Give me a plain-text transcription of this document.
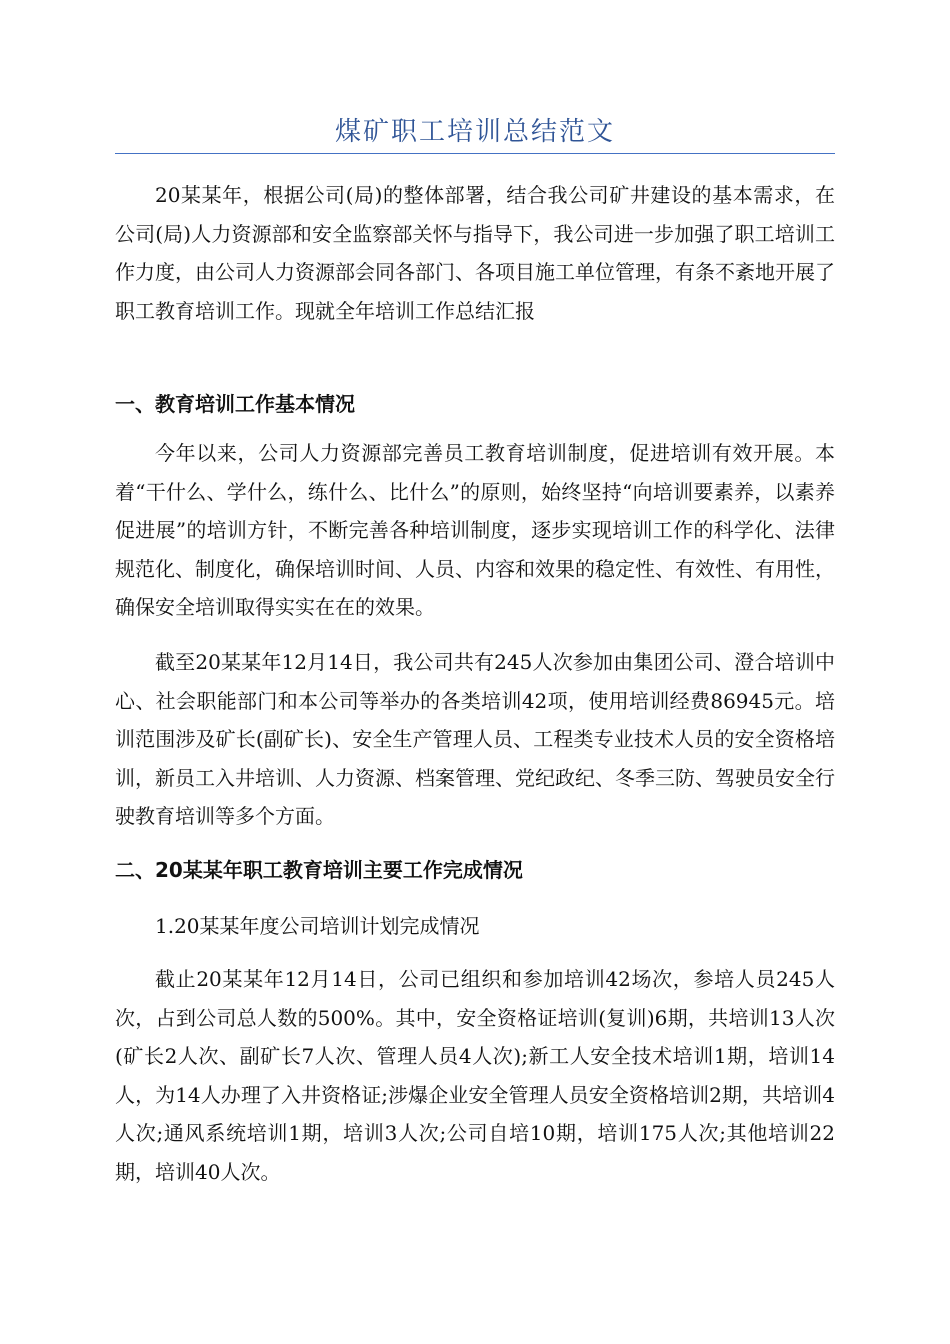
煤矿职工培训总结范文

20某某年，根据公司(局)的整体部署，结合我公司矿井建设的基本需求，在公司(局)人力资源部和安全监察部关怀与指导下，我公司进一步加强了职工培训工作力度，由公司人力资源部会同各部门、各项目施工单位管理，有条不紊地开展了职工教育培训工作。现就全年培训工作总结汇报

一、教育培训工作基本情况

今年以来，公司人力资源部完善员工教育培训制度，促进培训有效开展。本着“干什么、学什么，练什么、比什么”的原则，始终坚持“向培训要素养，以素养促进展”的培训方针，不断完善各种培训制度，逐步实现培训工作的科学化、法律规范化、制度化，确保培训时间、人员、内容和效果的稳定性、有效性、有用性，确保安全培训取得实实在在的效果。

截至20某某年12月14日，我公司共有245人次参加由集团公司、澄合培训中心、社会职能部门和本公司等举办的各类培训42项，使用培训经费86945元。培训范围涉及矿长(副矿长)、安全生产管理人员、工程类专业技术人员的安全资格培训，新员工入井培训、人力资源、档案管理、党纪政纪、冬季三防、驾驶员安全行驶教育培训等多个方面。

二、20某某年职工教育培训主要工作完成情况

1.20某某年度公司培训计划完成情况

截止20某某年12月14日，公司已组织和参加培训42场次，参培人员245人次，占到公司总人数的500%。其中，安全资格证培训(复训)6期，共培训13人次(矿长2人次、副矿长7人次、管理人员4人次);新工人安全技术培训1期，培训14人，为14人办理了入井资格证;涉爆企业安全管理人员安全资格培训2期，共培训4人次;通风系统培训1期，培训3人次;公司自培10期，培训175人次;其他培训22期，培训40人次。
